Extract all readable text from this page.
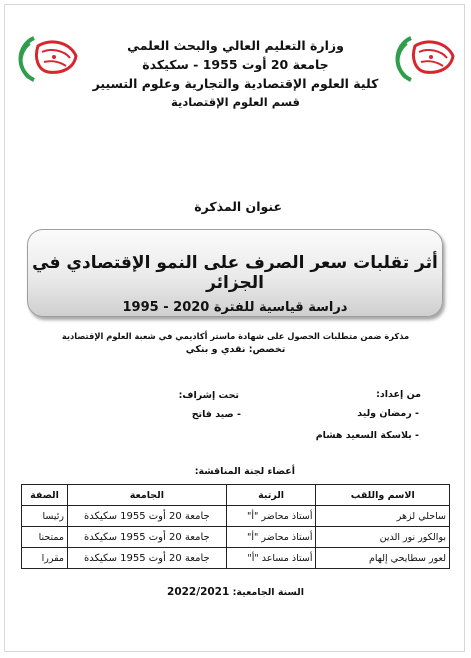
وزارة التعليم العالي والبحث العلمي
جامعة 20 أوت 1955 - سكيكدة
كلية العلوم الإقتصادية والتجارية وعلوم التسيير
قسم العلوم الإقتصادية
عنوان المذكرة
أثر تقلبات سعر الصرف على النمو الإقتصادي في الجزائر
دراسة قياسية للفترة 1995 - 2020
مذكرة ضمن متطلبات الحصول على شهادة ماستر أكاديمي في شعبة العلوم الإقتصادية
تخصص: نقدي و بنكي
من إعداد:
تحت إشراف:
- رمضان وليد
- بلاسكة السعيد هشام
- صيد فاتح
أعضاء لجنة المناقشة:
الاسم واللقب	الرتبة	الجامعة	الصفة
ساحلي لزهر	أستاذ محاضر "أ"	جامعة 20 أوت 1955 سكيكدة	رئيسا
بوالكور نور الدين	أستاذ محاضر "أ"	جامعة 20 أوت 1955 سكيكدة	ممتحنا
لعور سطايحي إلهام	أستاذ مساعد "أ"	جامعة 20 أوت 1955 سكيكدة	مقررا
السنة الجامعية: 2022/2021
